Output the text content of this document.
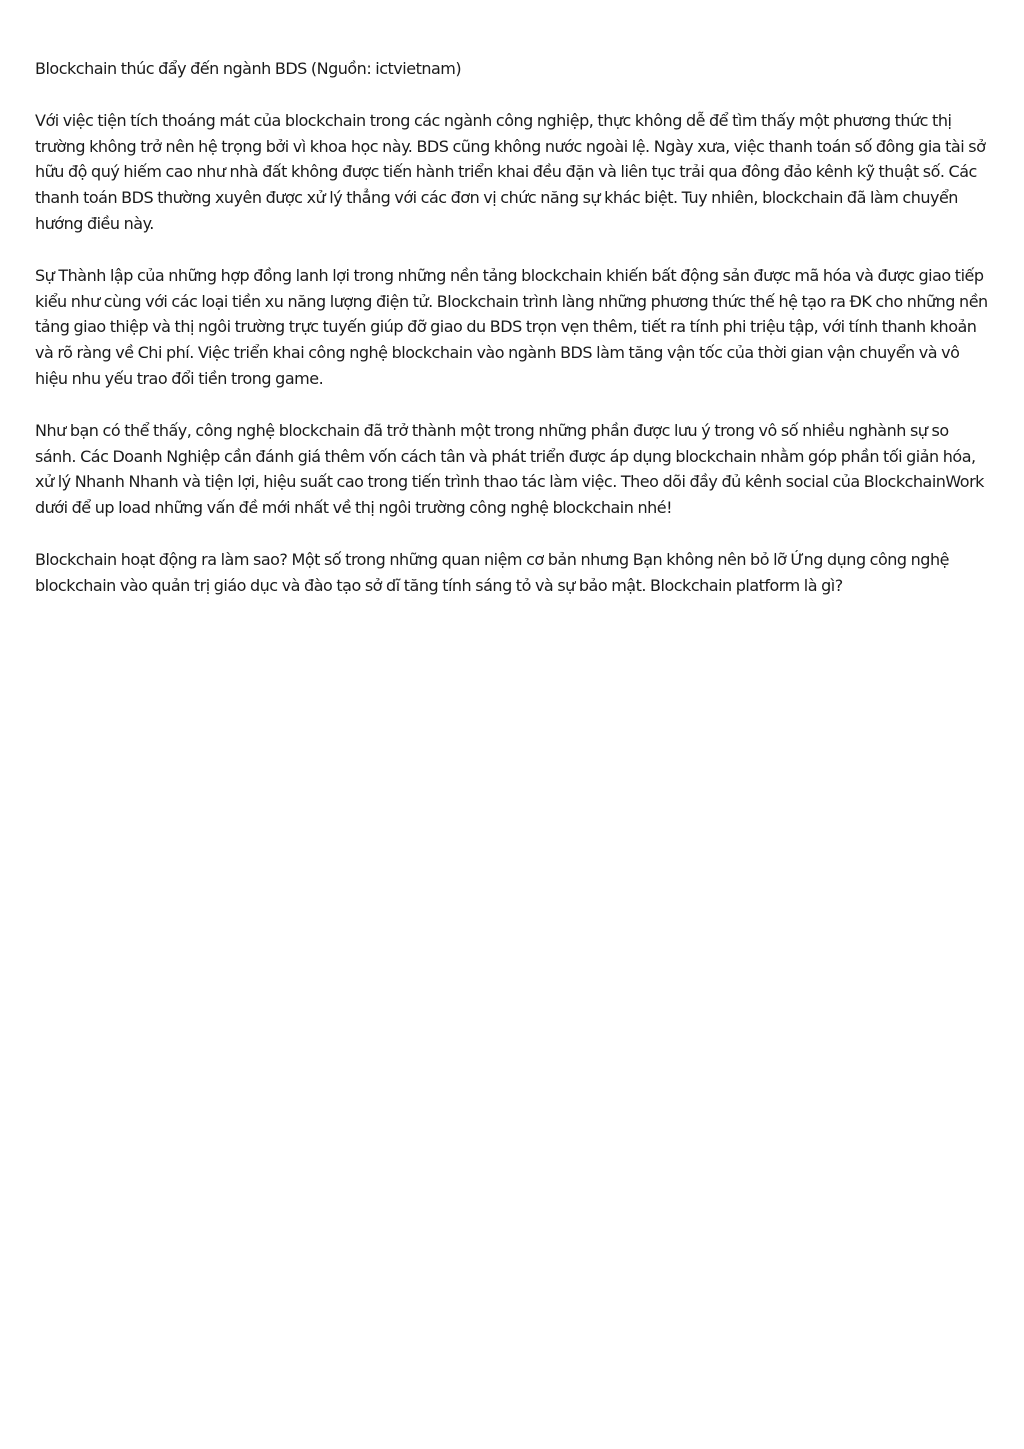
Blockchain thúc đẩy đến ngành BDS (Nguồn: ictvietnam)

Với việc tiện tích thoáng mát của blockchain trong các ngành công nghiệp, thực không dễ để tìm thấy một phương thức thị trường không trở nên hệ trọng bởi vì khoa học này. BDS cũng không nước ngoài lệ. Ngày xưa, việc thanh toán số đông gia tài sở hữu độ quý hiếm cao như nhà đất không được tiến hành triển khai đều đặn và liên tục trải qua đông đảo kênh kỹ thuật số. Các thanh toán BDS thường xuyên được xử lý thẳng với các đơn vị chức năng sự khác biệt. Tuy nhiên, blockchain đã làm chuyển hướng điều này.

Sự Thành lập của những hợp đồng lanh lợi trong những nền tảng blockchain khiến bất động sản được mã hóa và được giao tiếp kiểu như cùng với các loại tiền xu năng lượng điện tử. Blockchain trình làng những phương thức thế hệ tạo ra ĐK cho những nền tảng giao thiệp và thị ngôi trường trực tuyến giúp đỡ giao du BDS trọn vẹn thêm, tiết ra tính phi triệu tập, với tính thanh khoản và rõ ràng về Chi phí. Việc triển khai công nghệ blockchain vào ngành BDS làm tăng vận tốc của thời gian vận chuyển và vô hiệu nhu yếu trao đổi tiền trong game.

Như bạn có thể thấy, công nghệ blockchain đã trở thành một trong những phần được lưu ý trong vô số nhiều nghành sự so sánh. Các Doanh Nghiệp cần đánh giá thêm vốn cách tân và phát triển được áp dụng blockchain nhằm góp phần tối giản hóa, xử lý Nhanh Nhanh và tiện lợi, hiệu suất cao trong tiến trình thao tác làm việc. Theo dõi đầy đủ kênh social của BlockchainWork dưới để up load những vấn đề mới nhất về thị ngôi trường công nghệ blockchain nhé!

Blockchain hoạt động ra làm sao? Một số trong những quan niệm cơ bản nhưng Bạn không nên bỏ lỡ Ứng dụng công nghệ blockchain vào quản trị giáo dục và đào tạo sở dĩ tăng tính sáng tỏ và sự bảo mật. Blockchain platform là gì?
